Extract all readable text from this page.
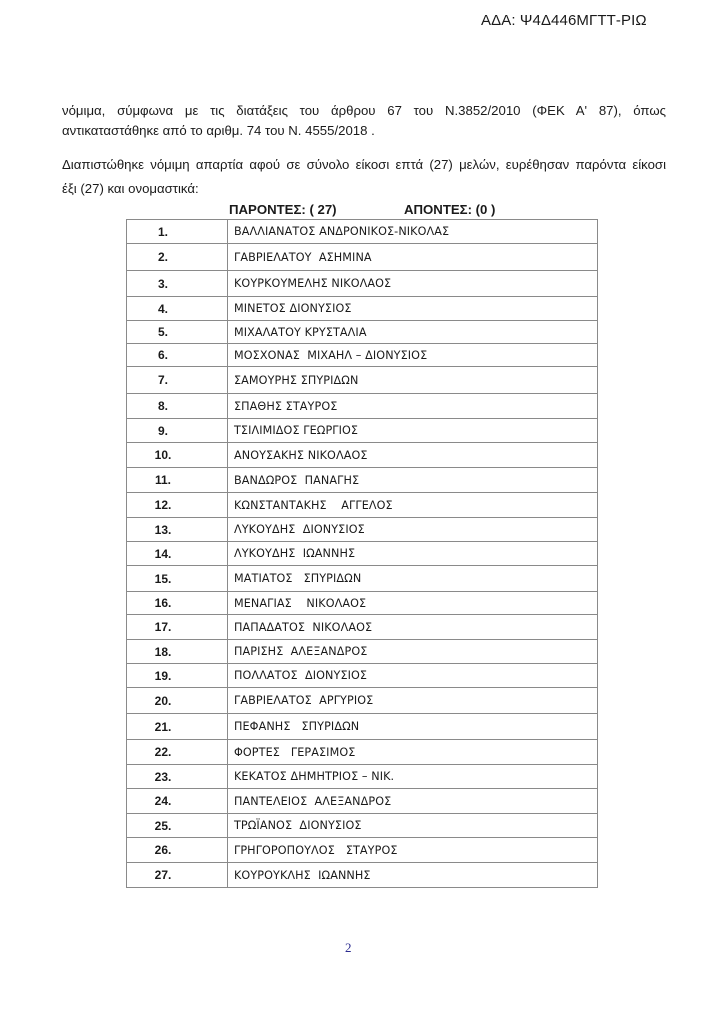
ΑΔΑ: Ψ4Δ446ΜΓΤΤ-ΡΙΩ
νόμιμα, σύμφωνα με τις διατάξεις του άρθρου 67 του Ν.3852/2010 (ΦΕΚ Α' 87), όπως
αντικαταστάθηκε από το αριθμ. 74 του Ν. 4555/2018 .
Διαπιστώθηκε νόμιμη απαρτία αφού σε σύνολο είκοσι επτά (27) μελών, ευρέθησαν παρόντα είκοσι
έξι (27) και ονομαστικά:
ΠΑΡΟΝΤΕΣ: ( 27)	ΑΠΟΝΤΕΣ: (0 )
1.	ΒΑΛΛΙΑΝΑΤΟΣ ΑΝΔΡΟΝΙΚΟΣ-ΝΙΚΟΛΑΣ
2.	ΓΑΒΡΙΕΛΑΤΟΥ  ΑΣΗΜΙΝΑ
3.	ΚΟΥΡΚΟΥΜΕΛΗΣ ΝΙΚΟΛΑΟΣ
4.	ΜΙΝΕΤΟΣ ΔΙΟΝΥΣΙΟΣ
5.	ΜΙΧΑΛΑΤΟΥ ΚΡΥΣΤΑΛΙΑ
6.	ΜΟΣΧΟΝΑΣ  ΜΙΧΑΗΛ – ΔΙΟΝΥΣΙΟΣ
7.	ΣΑΜΟΥΡΗΣ ΣΠΥΡΙΔΩΝ
8.	ΣΠΑΘΗΣ ΣΤΑΥΡΟΣ
9.	ΤΣΙΛΙΜΙΔΟΣ ΓΕΩΡΓΙΟΣ
10.	ΑΝΟΥΣΑΚΗΣ ΝΙΚΟΛΑΟΣ
11.	ΒΑΝΔΩΡΟΣ  ΠΑΝΑΓΗΣ
12.	ΚΩΝΣΤΑΝΤΑΚΗΣ    ΑΓΓΕΛΟΣ
13.	ΛΥΚΟΥΔΗΣ  ΔΙΟΝΥΣΙΟΣ
14.	ΛΥΚΟΥΔΗΣ  ΙΩΑΝΝΗΣ
15.	ΜΑΤΙΑΤΟΣ   ΣΠΥΡΙΔΩΝ
16.	ΜΕΝΑΓΙΑΣ    ΝΙΚΟΛΑΟΣ
17.	ΠΑΠΑΔΑΤΟΣ  ΝΙΚΟΛΑΟΣ
18.	ΠΑΡΙΣΗΣ  ΑΛΕΞΑΝΔΡΟΣ
19.	ΠΟΛΛΑΤΟΣ  ΔΙΟΝΥΣΙΟΣ
20.	ΓΑΒΡΙΕΛΑΤΟΣ  ΑΡΓΥΡΙΟΣ
21.	ΠΕΦΑΝΗΣ   ΣΠΥΡΙΔΩΝ
22.	ΦΟΡΤΕΣ   ΓΕΡΑΣΙΜΟΣ
23.	ΚΕΚΑΤΟΣ ΔΗΜΗΤΡΙΟΣ – ΝΙΚ.
24.	ΠΑΝΤΕΛΕΙΟΣ  ΑΛΕΞΑΝΔΡΟΣ
25.	ΤΡΩΪΑΝΟΣ  ΔΙΟΝΥΣΙΟΣ
26.	ΓΡΗΓΟΡΟΠΟΥΛΟΣ   ΣΤΑΥΡΟΣ
27.	ΚΟΥΡΟΥΚΛΗΣ  ΙΩΑΝΝΗΣ
2
